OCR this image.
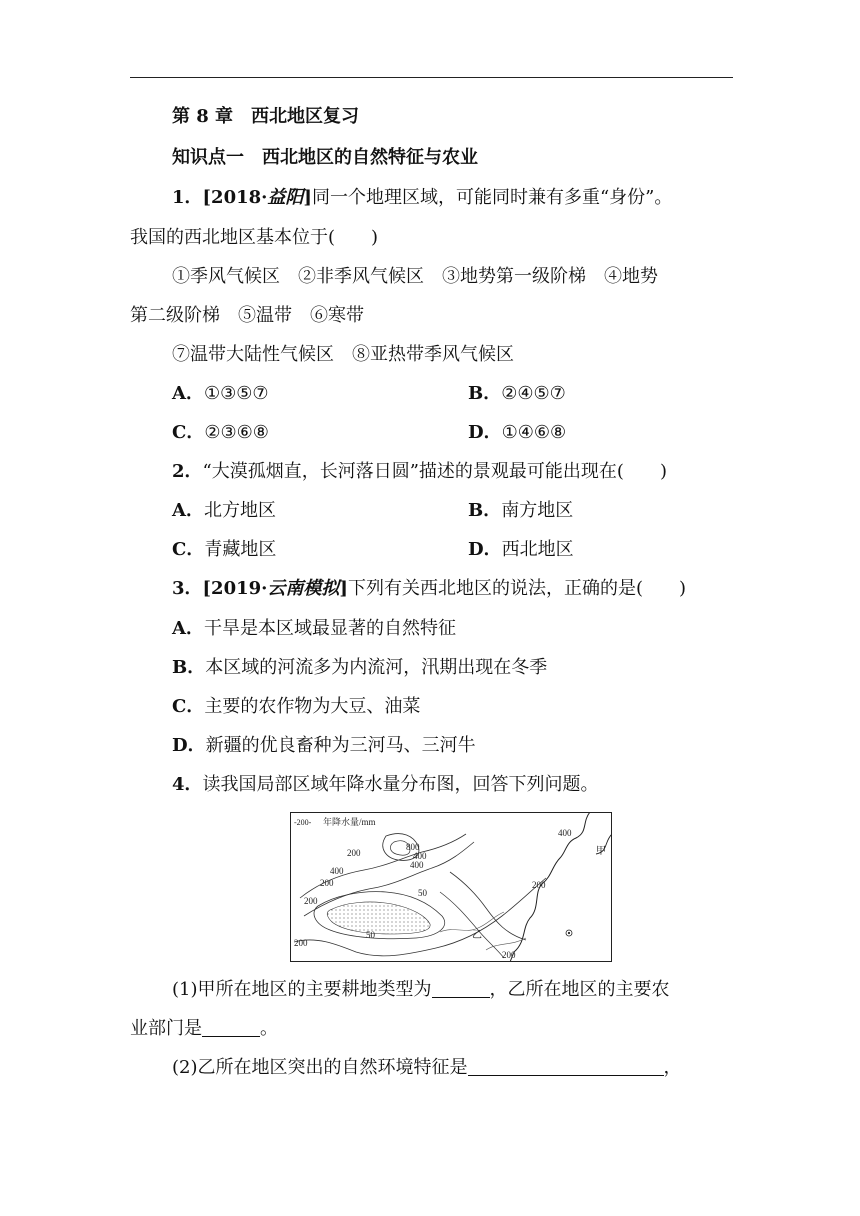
第 8 章　西北地区复习
知识点一　西北地区的自然特征与农业
1．[2018·益阳]同一个地理区域，可能同时兼有多重“身份”。
我国的西北地区基本位于(　　)
①季风气候区　②非季风气候区　③地势第一级阶梯　④地势
第二级阶梯　⑤温带　⑥寒带
⑦温带大陆性气候区　⑧亚热带季风气候区
A．①③⑤⑦	B．②④⑤⑦
C．②③⑥⑧	D．①④⑥⑧
2．“大漠孤烟直，长河落日圆”描述的景观最可能出现在(　　)
A．北方地区	B．南方地区
C．青藏地区	D．西北地区
3．[2019·云南模拟]下列有关西北地区的说法，正确的是(　　)
A．干旱是本区域最显著的自然特征
B．本区域的河流多为内流河，汛期出现在冬季
C．主要的农作物为大豆、油菜
D．新疆的优良畜种为三河马、三河牛
4．读我国局部区域年降水量分布图，回答下列问题。
-200- 年降水量/mm
800
400
400
200
400
200
50
200
50
200
400
200
200
甲
乙
(1)甲所在地区的主要耕地类型为	，乙所在地区的主要农
业部门是	。
(2)乙所在地区突出的自然环境特征是	，
